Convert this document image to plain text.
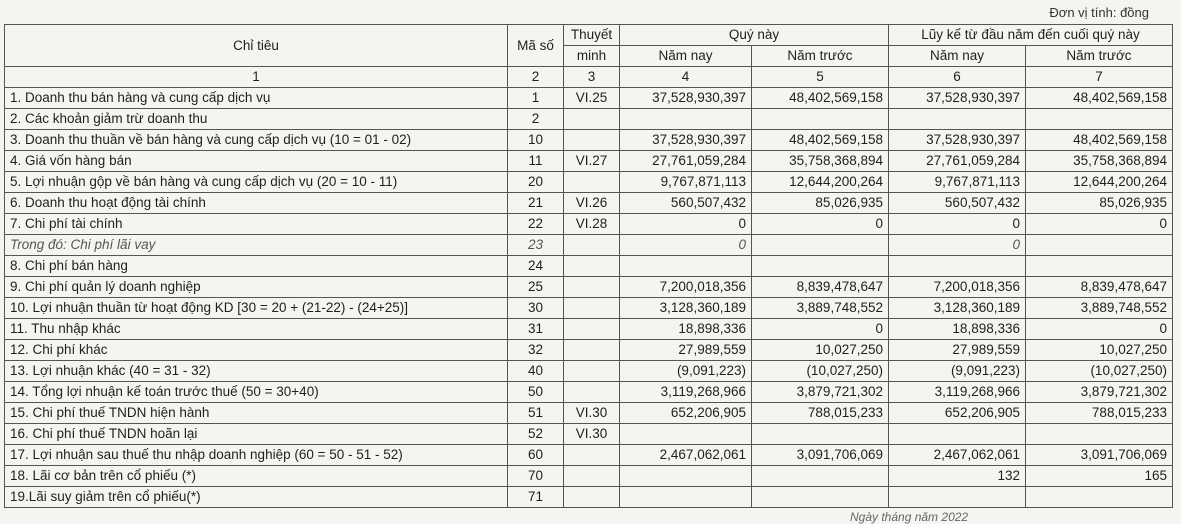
Đơn vị tính: đồng
Chỉ tiêu	Mã số	Thuyết	Quý này		Lũy kế từ đầu năm đến cuối quý này	
		minh	Năm nay	Năm trước	Năm nay	Năm trước
1	2	3	4	5	6	7
1. Doanh thu bán hàng và cung cấp dịch vụ	1	VI.25	37,528,930,397	48,402,569,158	37,528,930,397	48,402,569,158
2. Các khoản giảm trừ doanh thu	2					
3. Doanh thu thuần về bán hàng và cung cấp dịch vụ (10 = 01 - 02)	10		37,528,930,397	48,402,569,158	37,528,930,397	48,402,569,158
4. Giá vốn hàng bán	11	VI.27	27,761,059,284	35,758,368,894	27,761,059,284	35,758,368,894
5. Lợi nhuận gộp về bán hàng và cung cấp dịch vụ (20 = 10 - 11)	20		9,767,871,113	12,644,200,264	9,767,871,113	12,644,200,264
6. Doanh thu hoạt động tài chính	21	VI.26	560,507,432	85,026,935	560,507,432	85,026,935
7. Chi phí tài chính	22	VI.28	0	0	0	0
Trong đó: Chi phí lãi vay	23		0		0	
8. Chi phí bán hàng	24					
9. Chi phí quản lý doanh nghiệp	25		7,200,018,356	8,839,478,647	7,200,018,356	8,839,478,647
10. Lợi nhuận thuần từ hoạt động KD [30 = 20 + (21-22) - (24+25)]	30		3,128,360,189	3,889,748,552	3,128,360,189	3,889,748,552
11. Thu nhập khác	31		18,898,336	0	18,898,336	0
12. Chi phí khác	32		27,989,559	10,027,250	27,989,559	10,027,250
13. Lợi nhuận khác (40 = 31 - 32)	40		(9,091,223)	(10,027,250)	(9,091,223)	(10,027,250)
14. Tổng lợi nhuận kế toán trước thuế (50 = 30+40)	50		3,119,268,966	3,879,721,302	3,119,268,966	3,879,721,302
15. Chi phí thuế TNDN hiện hành	51	VI.30	652,206,905	788,015,233	652,206,905	788,015,233
16. Chi phí thuế TNDN hoãn lại	52	VI.30				
17. Lợi nhuận sau thuế thu nhập doanh nghiệp (60 = 50 - 51 - 52)	60		2,467,062,061	3,091,706,069	2,467,062,061	3,091,706,069
18. Lãi cơ bản trên cổ phiếu (*)	70				132	165
19.Lãi suy giảm trên cổ phiếu(*)	71					
Ngày tháng năm 2022
